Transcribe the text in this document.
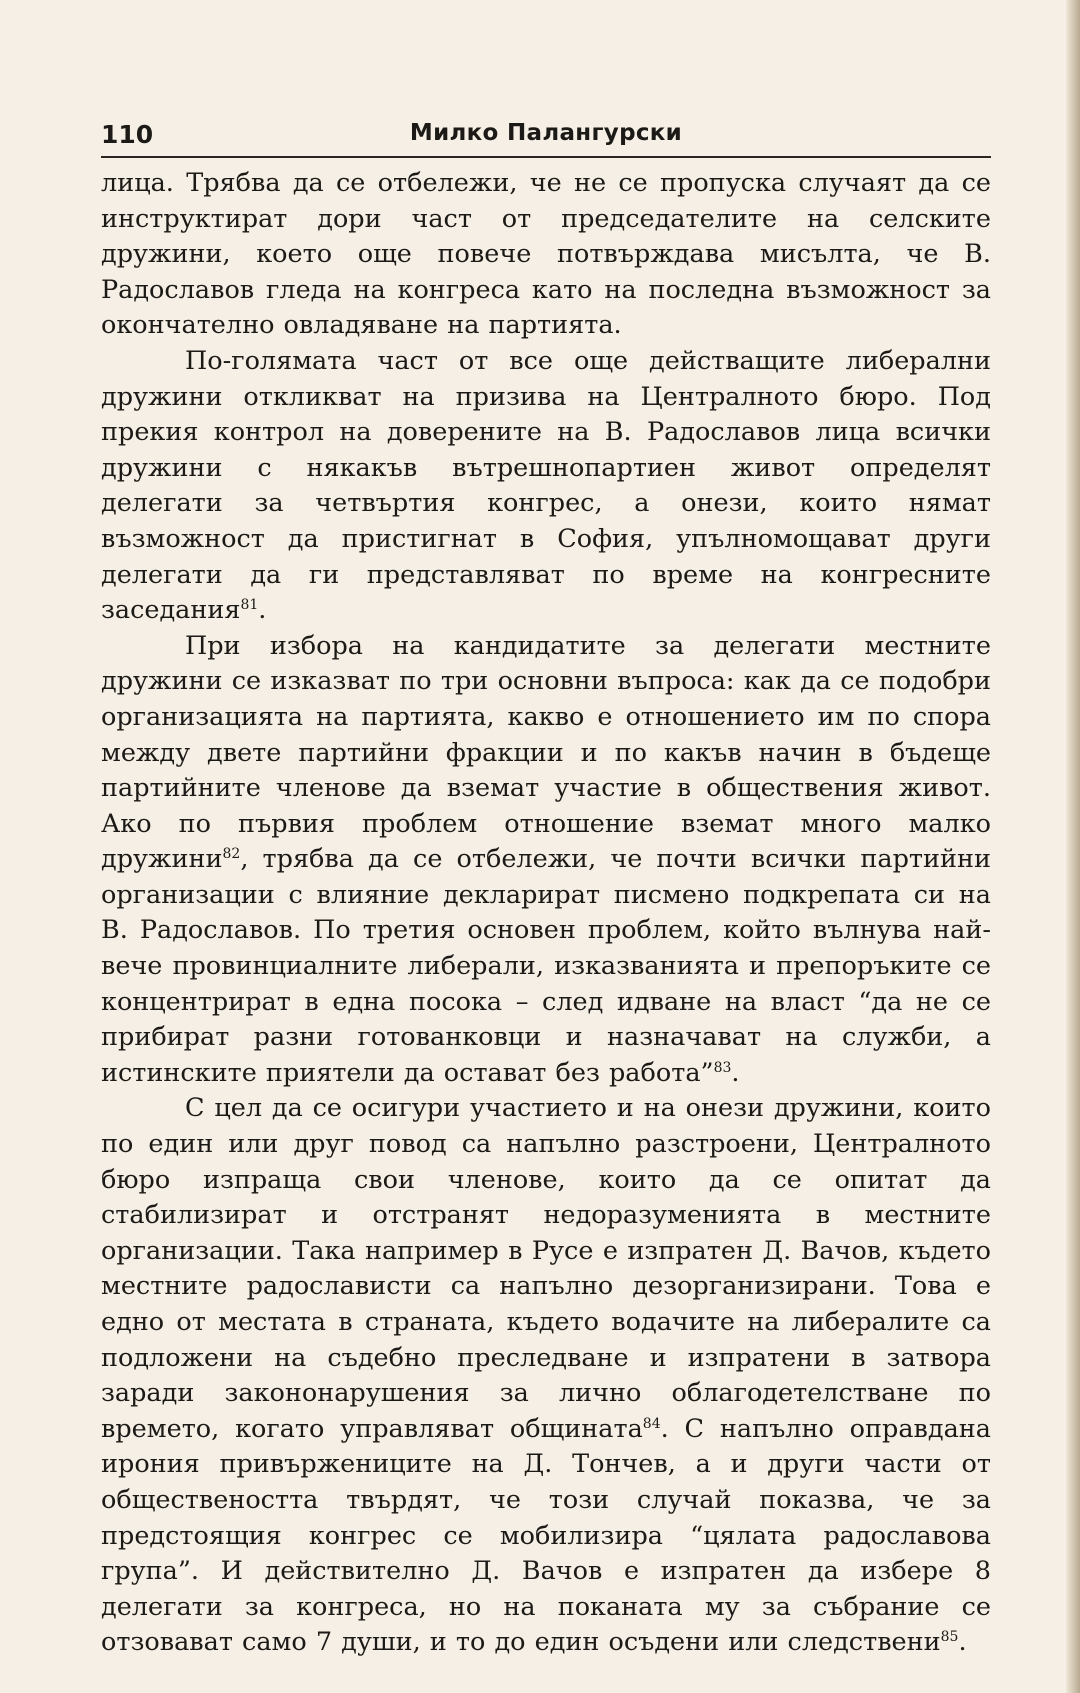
110	Милко Палангурски

лица. Трябва да се отбележи, че не се пропуска случаят да се инструктират дори част от председателите на селските дружини, което още повече потвърждава мисълта, че В. Радославов гледа на конгреса като на последна възможност за окончателно овладяване на партията.

По-голямата част от все още действащите либерални дружини откликват на призива на Централното бюро. Под прекия контрол на доверените на В. Радославов лица всички дружини с някакъв вътрешнопартиен живот определят делегати за четвъртия конгрес, а онези, които нямат възможност да пристигнат в София, упълномощават други делегати да ги представляват по време на конгресните заседания$^{81}$.

При избора на кандидатите за делегати местните дружини се изказват по три основни въпроса: как да се подобри организацията на партията, какво е отношението им по спора между двете партийни фракции и по какъв начин в бъдеще партийните членове да вземат участие в обществения живот. Ако по първия проблем отношение вземат много малко дружини$^{82}$, трябва да се отбележи, че почти всички партийни организации с влияние декларират писмено подкрепата си на В. Радославов. По третия основен проблем, който вълнува най-вече провинциалните либерали, изказванията и препоръките се концентрират в една посока – след идване на власт “да не се прибират разни готованковци и назначават на служби, а истинските приятели да остават без работа”$^{83}$.

С цел да се осигури участието и на онези дружини, които по един или друг повод са напълно разстроени, Централното бюро изпраща свои членове, които да се опитат да стабилизират и отстранят недоразуменията в местните организации. Така например в Русе е изпратен Д. Вачов, където местните радослависти са напълно дезорганизирани. Това е едно от местата в страната, където водачите на либералите са подложени на съдебно преследване и изпратени в затвора заради закононарушения за лично облагодетелстване по времето, когато управляват общината$^{84}$. С напълно оправдана ирония привържениците на Д. Тончев, а и други части от обществеността твърдят, че този случай показва, че за предстоящия конгрес се мобилизира “цялата радославова група”. И действително Д. Вачов е изпратен да избере 8 делегати за конгреса, но на поканата му за събрание се отзовават само 7 души, и то до един осъдени или следствени$^{85}$.
